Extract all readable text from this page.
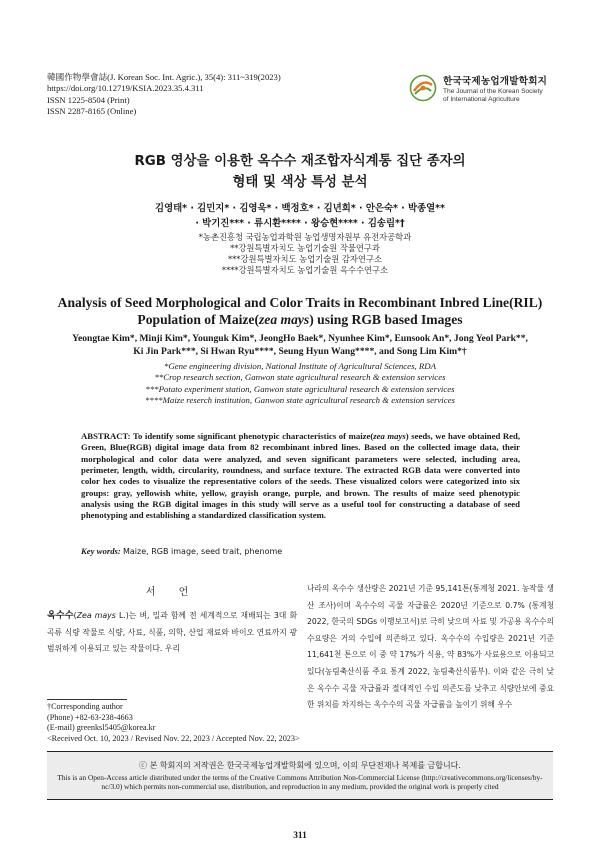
韓國作物學會誌(J. Korean Soc. Int. Agric.), 35(4): 311~319(2023)
https://doi.org/10.12719/KSIA.2023.35.4.311
ISSN 1225-8504 (Print)
ISSN 2287-8165 (Online)
한국국제농업개발학회지
The Journal of the Korean Society
of International Agriculture
RGB 영상을 이용한 옥수수 재조합자식계통 집단 종자의
형태 및 색상 특성 분석
김영태* · 김민지* · 김영욱* · 백정호* · 김년희* · 안은숙* · 박종열**
· 박기진*** · 류시환**** · 왕승현**** · 김송림*†
*농촌진흥청 국립농업과학원 농업생명자원부 유전자공학과
**강원특별자치도 농업기술원 작물연구과
***강원특별자치도 농업기술원 감자연구소
****강원특별자치도 농업기술원 옥수수연구소
Analysis of Seed Morphological and Color Traits in Recombinant Inbred Line(RIL)
Population of Maize(zea mays) using RGB based Images
Yeongtae Kim*, Minji Kim*, Younguk Kim*, JeongHo Baek*, Nyunhee Kim*, Eunsook An*, Jong Yeol Park**,
Ki Jin Park***, Si Hwan Ryu****, Seung Hyun Wang****, and Song Lim Kim*†
*Gene engineering division, National Institute of Agricultural Sciences, RDA
**Crop research section, Ganwon state agricultural research & extension services
***Potato experiment station, Ganwon state agricultural research & extension services
****Maize reserch institution, Ganwon state agricultural research & extension services
ABSTRACT: To identify some significant phenotypic characteristics of maize(zea mays) seeds, we have obtained Red, Green, Blue(RGB) digital image data from 82 recombinant inbred lines. Based on the collected image data, their morphological and color data were analyzed, and seven significant parameters were selected, including area, perimeter, length, width, circularity, roundness, and surface texture. The extracted RGB data were converted into color hex codes to visualize the representative colors of the seeds. These visualized colors were categorized into six groups: gray, yellowish white, yellow, grayish orange, purple, and brown. The results of maize seed phenotypic analysis using the RGB digital images in this study will serve as a useful tool for constructing a database of seed phenotyping and establishing a standardized classification system.
Key words: Maize, RGB image, seed trait, phenome
서 언
옥수수(Zea mays L.)는 벼, 밀과 함께 전 세계적으로 재배되는 3대 화곡류 식량 작물로 식량, 사료, 식품, 의학, 산업 재료와 바이오 연료까지 광범위하게 이용되고 있는 작물이다. 우리
나라의 옥수수 생산량은 2021년 기준 95,141톤(통계청 2021. 농작물 생산 조사)이며 옥수수의 곡물 자급률은 2020년 기준으로 0.7% (통계청 2022, 한국의 SDGs 이행보고서)로 극히 낮으며 사료 및 가공용 옥수수의 수요량은 거의 수입에 의존하고 있다. 옥수수의 수입량은 2021년 기준 11,641천 톤으로 이 중 약 17%가 식용, 약 83%가 사료용으로 이용되고 있다(농림축산식품 주요 통계 2022, 농림축산식품부). 이와 같은 극히 낮은 옥수수 곡물 자급률과 절대적인 수입 의존도를 낮추고 식량안보에 중요한 위치를 차지하는 옥수수의 곡물 자급률을 높이기 위해 우수
†Corresponding author
(Phone) +82-63-238-4663
(E-mail) greenksl5405@korea.kr
<Received Oct. 10, 2023 / Revised Nov. 22, 2023 / Accepted Nov. 22, 2023>
ⓒ 본 학회지의 저작권은 한국국제농업개발학회에 있으며, 이의 무단전재나 복제를 금합니다.
This is an Open-Access article distributed under the terms of the Creative Commons Attribution Non-Commercial License (http://creativecommons.org/licenses/by-nc/3.0) which permits non-commercial use, distribution, and reproduction in any medium, provided the original work is properly cited
311
